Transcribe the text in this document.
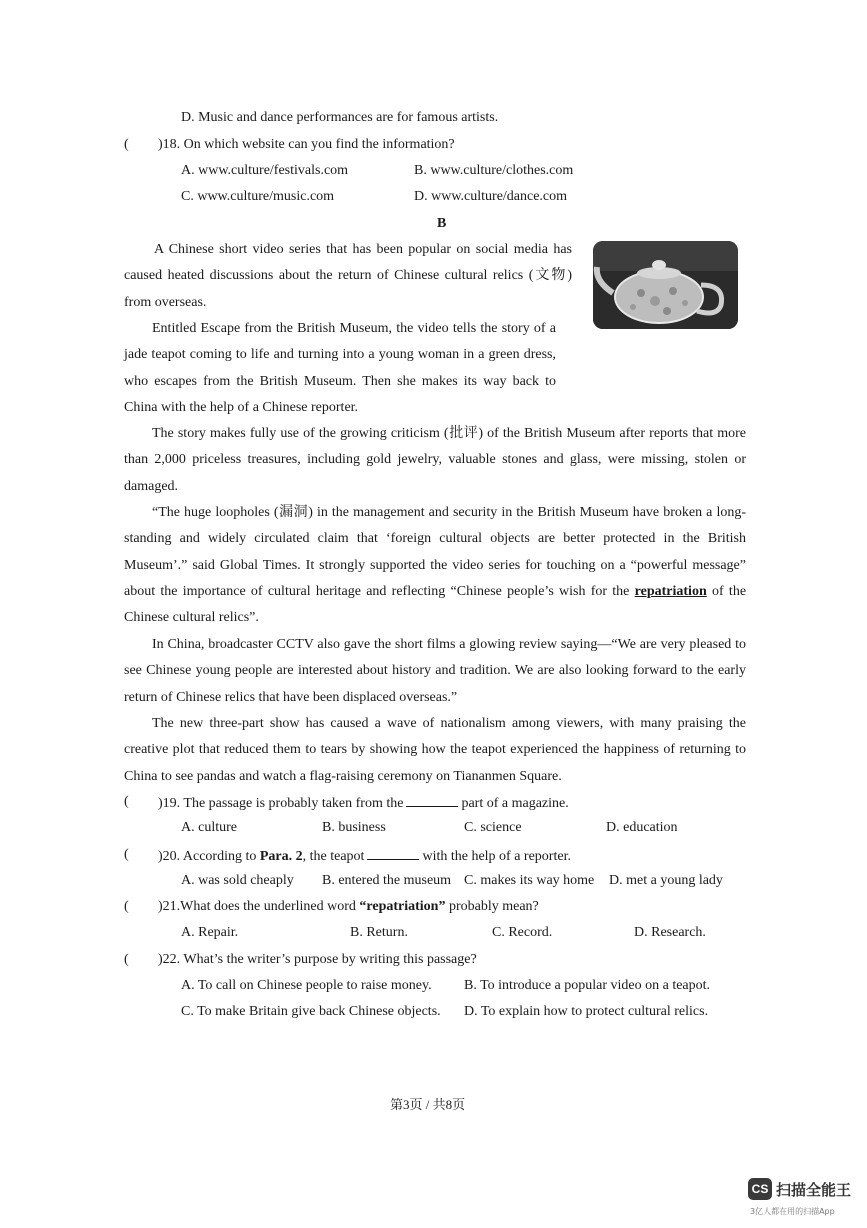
D. Music and dance performances are for famous artists.
( )18. On which website can you find the information?
A. www.culture/festivals.com	B. www.culture/clothes.com
C. www.culture/music.com	D. www.culture/dance.com
B
A Chinese short video series that has been popular on social media has caused heated discussions about the return of Chinese cultural relics (文物) from overseas.
Entitled Escape from the British Museum, the video tells the story of a jade teapot coming to life and turning into a young woman in a green dress, who escapes from the British Museum. Then she makes its way back to China with the help of a Chinese reporter.
The story makes fully use of the growing criticism (批评) of the British Museum after reports that more than 2,000 priceless treasures, including gold jewelry, valuable stones and glass, were missing, stolen or damaged.
“The huge loopholes (漏洞) in the management and security in the British Museum have broken a long-standing and widely circulated claim that ‘foreign cultural objects are better protected in the British Museum’.” said Global Times. It strongly supported the video series for touching on a “powerful message” about the importance of cultural heritage and reflecting “Chinese people’s wish for the repatriation of the Chinese cultural relics”.
In China, broadcaster CCTV also gave the short films a glowing review saying—“We are very pleased to see Chinese young people are interested about history and tradition. We are also looking forward to the early return of Chinese relics that have been displaced overseas.”
The new three-part show has caused a wave of nationalism among viewers, with many praising the creative plot that reduced them to tears by showing how the teapot experienced the happiness of returning to China to see pandas and watch a flag-raising ceremony on Tiananmen Square.
( )19. The passage is probably taken from the	part of a magazine.
A. culture	B. business	C. science	D. education
( )20. According to Para. 2, the teapot	with the help of a reporter.
A. was sold cheaply B. entered the museum C. makes its way home D. met a young lady
( )21.What does the underlined word “repatriation” probably mean?
A. Repair.	B. Return.	C. Record.	D. Research.
( )22. What’s the writer’s purpose by writing this passage?
A. To call on Chinese people to raise money. B. To introduce a popular video on a teapot.
C. To make Britain give back Chinese objects. D. To explain how to protect cultural relics.
第3页 / 共8页
CS 扫描全能王
3亿人都在用的扫描App
